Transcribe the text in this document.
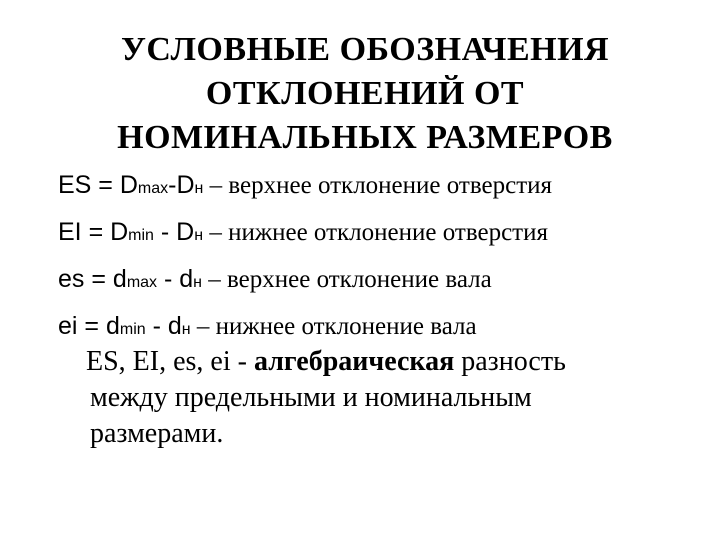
УСЛОВНЫЕ ОБОЗНАЧЕНИЯ
ОТКЛОНЕНИЙ ОТ
НОМИНАЛЬНЫХ РАЗМЕРОВ
ES = Dmax-Dн – верхнее отклонение отверстия
EI = Dmin - Dн – нижнее отклонение отверстия
es = dmax - dн – верхнее отклонение вала
ei = dmin - dн – нижнее отклонение вала
ES, EI, es, ei - алгебраическая разность
между предельными и номинальным
размерами.
